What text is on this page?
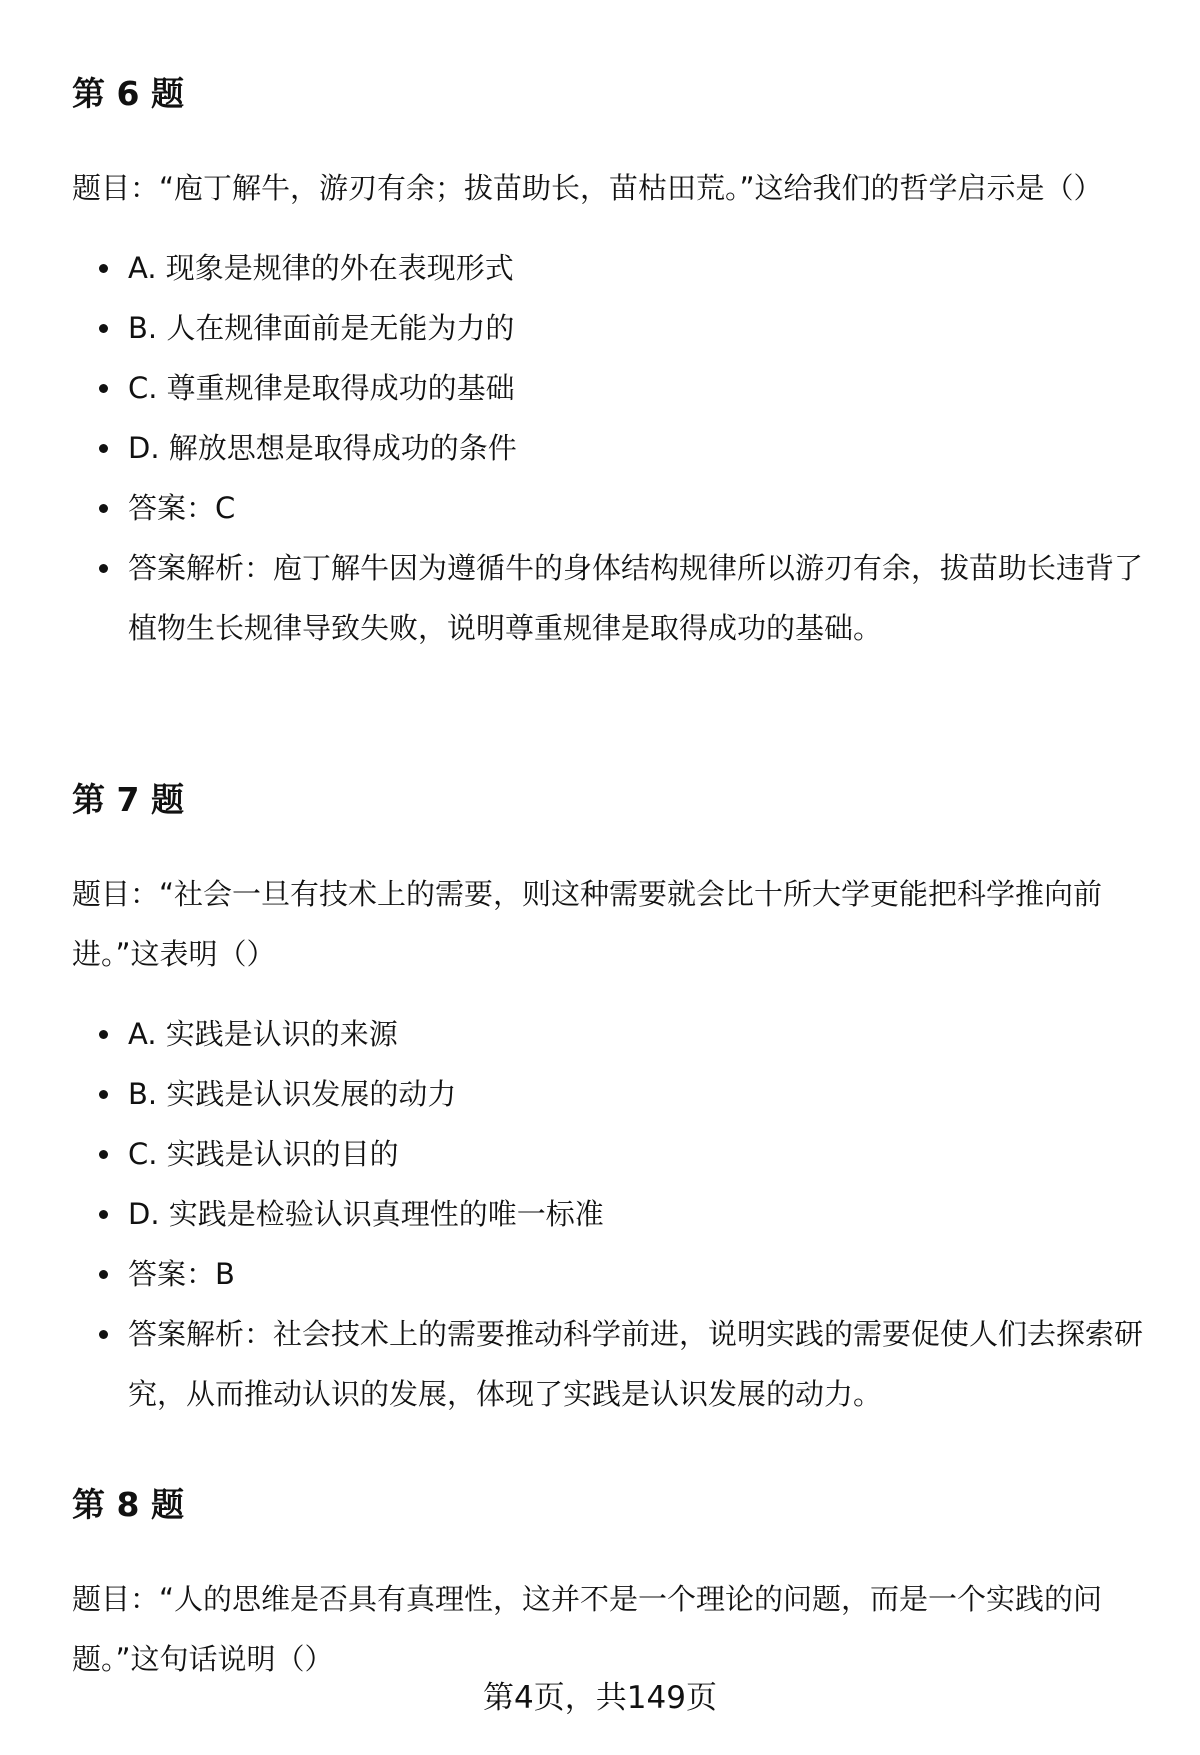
第 6 题

题目：“庖丁解牛，游刃有余；拔苗助长，苗枯田荒。”这给我们的哲学启示是（）

A. 现象是规律的外在表现形式
B. 人在规律面前是无能为力的
C. 尊重规律是取得成功的基础
D. 解放思想是取得成功的条件
答案：C
答案解析：庖丁解牛因为遵循牛的身体结构规律所以游刃有余，拔苗助长违背了植物生长规律导致失败，说明尊重规律是取得成功的基础。
第 7 题

题目：“社会一旦有技术上的需要，则这种需要就会比十所大学更能把科学推向前进。”这表明（）

A. 实践是认识的来源
B. 实践是认识发展的动力
C. 实践是认识的目的
D. 实践是检验认识真理性的唯一标准
答案：B
答案解析：社会技术上的需要推动科学前进，说明实践的需要促使人们去探索研究，从而推动认识的发展，体现了实践是认识发展的动力。
第 8 题

题目：“人的思维是否具有真理性，这并不是一个理论的问题，而是一个实践的问题。”这句话说明（）

第4页，共149页
